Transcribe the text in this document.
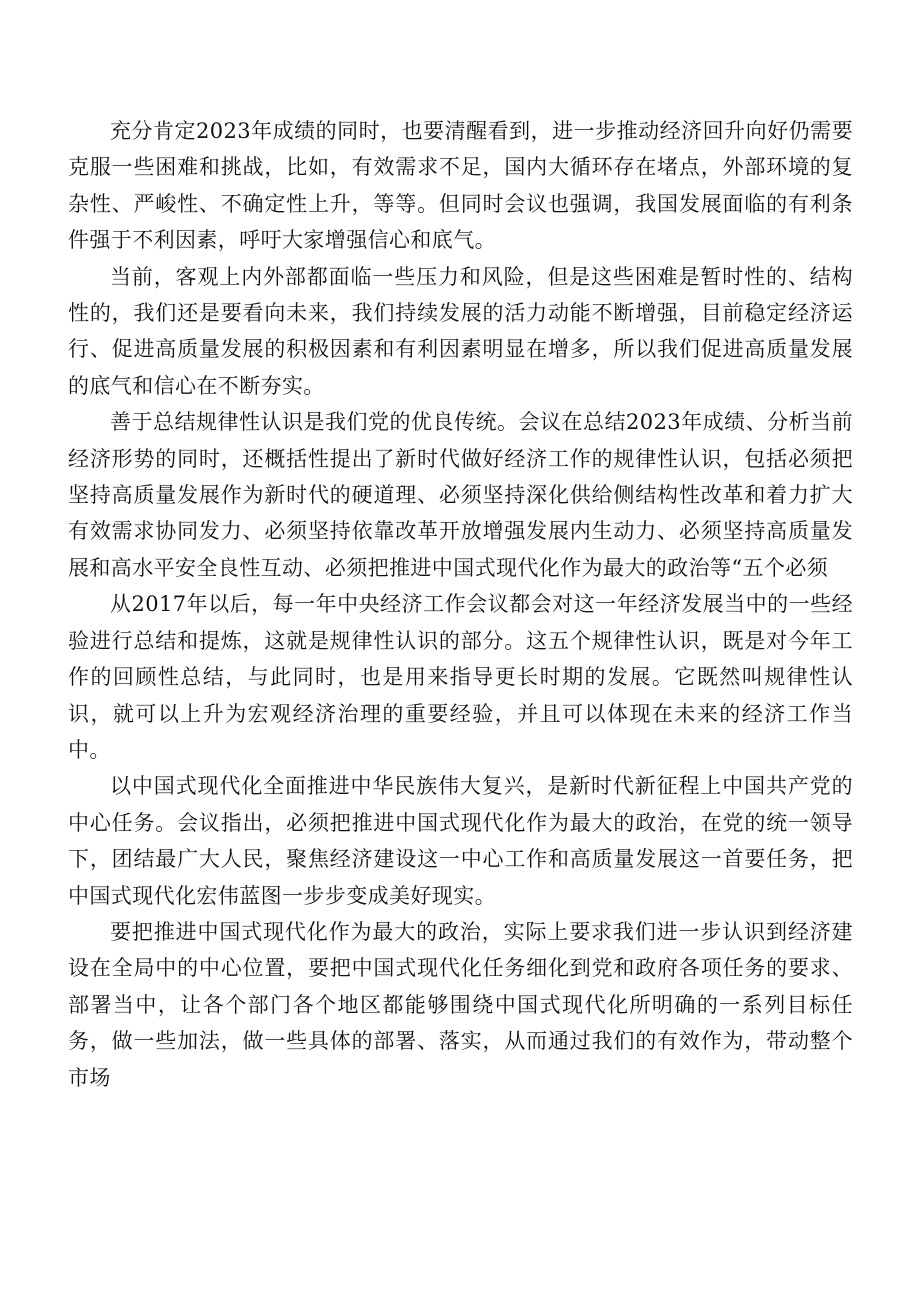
充分肯定2023年成绩的同时，也要清醒看到，进一步推动经济回升向好仍需要克服一些困难和挑战，比如，有效需求不足，国内大循环存在堵点，外部环境的复杂性、严峻性、不确定性上升，等等。但同时会议也强调，我国发展面临的有利条件强于不利因素，呼吁大家增强信心和底气。

当前，客观上内外部都面临一些压力和风险，但是这些困难是暂时性的、结构性的，我们还是要看向未来，我们持续发展的活力动能不断增强，目前稳定经济运行、促进高质量发展的积极因素和有利因素明显在增多，所以我们促进高质量发展的底气和信心在不断夯实。

善于总结规律性认识是我们党的优良传统。会议在总结2023年成绩、分析当前经济形势的同时，还概括性提出了新时代做好经济工作的规律性认识，包括必须把坚持高质量发展作为新时代的硬道理、必须坚持深化供给侧结构性改革和着力扩大有效需求协同发力、必须坚持依靠改革开放增强发展内生动力、必须坚持高质量发展和高水平安全良性互动、必须把推进中国式现代化作为最大的政治等“五个必须

从2017年以后，每一年中央经济工作会议都会对这一年经济发展当中的一些经验进行总结和提炼，这就是规律性认识的部分。这五个规律性认识，既是对今年工作的回顾性总结，与此同时，也是用来指导更长时期的发展。它既然叫规律性认识，就可以上升为宏观经济治理的重要经验，并且可以体现在未来的经济工作当中。

以中国式现代化全面推进中华民族伟大复兴，是新时代新征程上中国共产党的中心任务。会议指出，必须把推进中国式现代化作为最大的政治，在党的统一领导下，团结最广大人民，聚焦经济建设这一中心工作和高质量发展这一首要任务，把中国式现代化宏伟蓝图一步步变成美好现实。

要把推进中国式现代化作为最大的政治，实际上要求我们进一步认识到经济建设在全局中的中心位置，要把中国式现代化任务细化到党和政府各项任务的要求、部署当中，让各个部门各个地区都能够围绕中国式现代化所明确的一系列目标任务，做一些加法，做一些具体的部署、落实，从而通过我们的有效作为，带动整个市场
